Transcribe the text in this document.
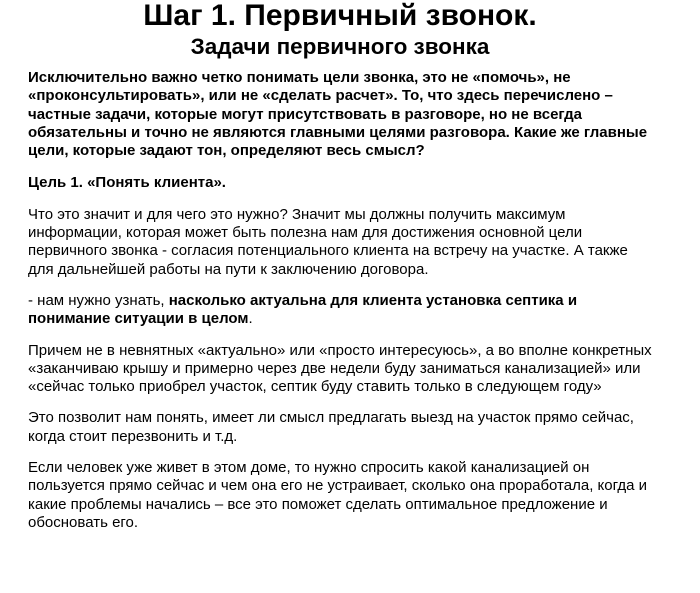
Шаг 1. Первичный звонок.
Задачи первичного звонка

Исключительно важно четко понимать цели звонка, это не «помочь», не «проконсультировать», или не «сделать расчет». То, что здесь перечислено – частные задачи, которые могут присутствовать в разговоре, но не всегда обязательны и точно не являются главными целями разговора. Какие же главные цели, которые задают тон, определяют весь смысл?

Цель 1. «Понять клиента».

Что это значит и для чего это нужно? Значит мы должны получить максимум информации, которая может быть полезна нам для достижения основной цели первичного звонка - согласия потенциального клиента на встречу на участке. А также для дальнейшей работы на пути к заключению договора.

- нам нужно узнать, насколько актуальна для клиента установка септика и понимание ситуации в целом.

Причем не в невнятных «актуально» или «просто интересуюсь», а во вполне конкретных «заканчиваю крышу и примерно через две недели буду заниматься канализацией» или «сейчас только приобрел участок, септик буду ставить только в следующем году»

Это позволит нам понять, имеет ли смысл предлагать выезд на участок прямо сейчас, когда стоит перезвонить и т.д.

Если человек уже живет в этом доме, то нужно спросить какой канализацией он пользуется прямо сейчас и чем она его не устраивает, сколько она проработала, когда и какие проблемы начались – все это поможет сделать оптимальное предложение и обосновать его.
